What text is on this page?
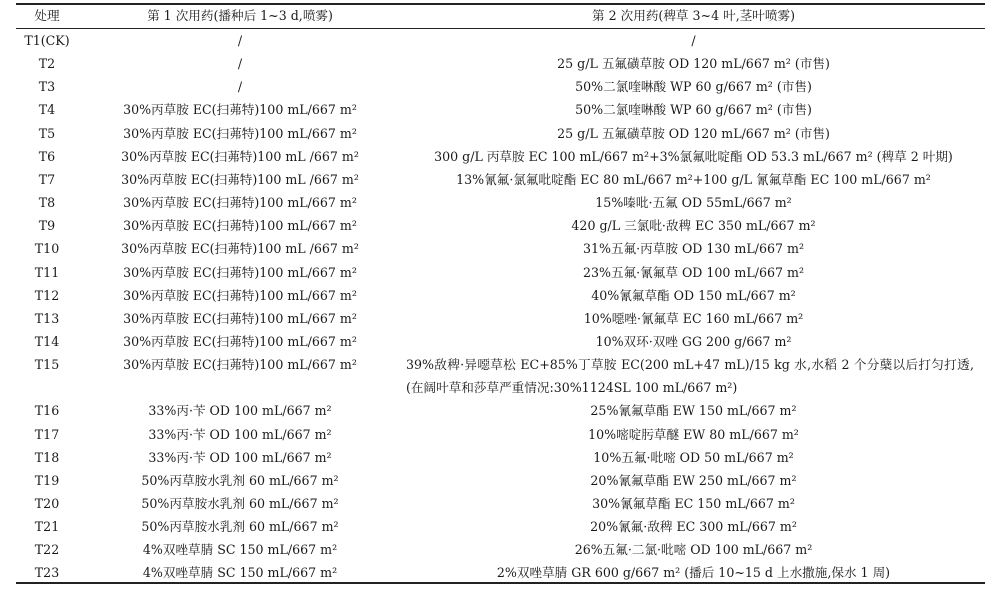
处理	第 1 次用药(播种后 1~3 d,喷雾)	第 2 次用药(稗草 3~4 叶,茎叶喷雾)
T1(CK)	/	/
T2	/	25 g/L 五氟磺草胺 OD 120 mL/667 m² (市售)
T3	/	50%二氯喹啉酸 WP 60 g/667 m² (市售)
T4	30%丙草胺 EC(扫茀特)100 mL/667 m²	50%二氯喹啉酸 WP 60 g/667 m² (市售)
T5	30%丙草胺 EC(扫茀特)100 mL/667 m²	25 g/L 五氟磺草胺 OD 120 mL/667 m² (市售)
T6	30%丙草胺 EC(扫茀特)100 mL /667 m²	300 g/L 丙草胺 EC 100 mL/667 m²+3%氯氟吡啶酯 OD 53.3 mL/667 m² (稗草 2 叶期)
T7	30%丙草胺 EC(扫茀特)100 mL /667 m²	13%氰氟·氯氟吡啶酯 EC 80 mL/667 m²+100 g/L 氰氟草酯 EC 100 mL/667 m²
T8	30%丙草胺 EC(扫茀特)100 mL/667 m²	15%嗪吡·五氟 OD 55mL/667 m²
T9	30%丙草胺 EC(扫茀特)100 mL/667 m²	420 g/L 三氯吡·敌稗 EC 350 mL/667 m²
T10	30%丙草胺 EC(扫茀特)100 mL /667 m²	31%五氟·丙草胺 OD 130 mL/667 m²
T11	30%丙草胺 EC(扫茀特)100 mL/667 m²	23%五氟·氰氟草 OD 100 mL/667 m²
T12	30%丙草胺 EC(扫茀特)100 mL/667 m²	40%氰氟草酯 OD 150 mL/667 m²
T13	30%丙草胺 EC(扫茀特)100 mL/667 m²	10%噁唑·氰氟草 EC 160 mL/667 m²
T14	30%丙草胺 EC(扫茀特)100 mL/667 m²	10%双环·双唑 GG 200 g/667 m²
T15	30%丙草胺 EC(扫茀特)100 mL/667 m²	39%敌稗·异噁草松 EC+85%丁草胺 EC(200 mL+47 mL)/15 kg 水,水稻 2 个分蘖以后打匀打透,(在阔叶草和莎草严重情况:30%1124SL 100 mL/667 m²)
T16	33%丙·苄 OD 100 mL/667 m²	25%氰氟草酯 EW 150 mL/667 m²
T17	33%丙·苄 OD 100 mL/667 m²	10%嘧啶肟草醚 EW 80 mL/667 m²
T18	33%丙·苄 OD 100 mL/667 m²	10%五氟·吡嘧 OD 50 mL/667 m²
T19	50%丙草胺水乳剂 60 mL/667 m²	20%氰氟草酯 EW 250 mL/667 m²
T20	50%丙草胺水乳剂 60 mL/667 m²	30%氰氟草酯 EC 150 mL/667 m²
T21	50%丙草胺水乳剂 60 mL/667 m²	20%氰氟·敌稗 EC 300 mL/667 m²
T22	4%双唑草腈 SC 150 mL/667 m²	26%五氟·二氯·吡嘧 OD 100 mL/667 m²
T23	4%双唑草腈 SC 150 mL/667 m²	2%双唑草腈 GR 600 g/667 m² (播后 10~15 d 上水撒施,保水 1 周)
